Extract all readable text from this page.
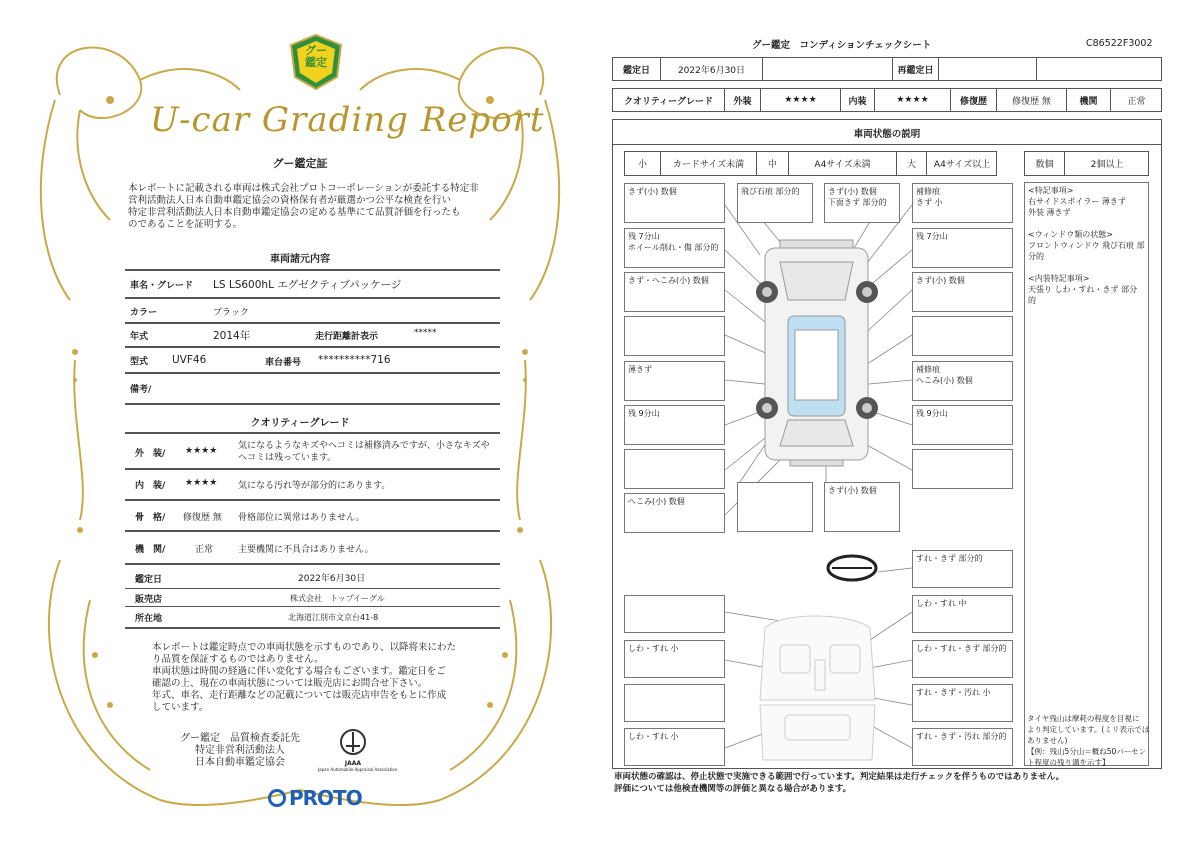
グー
鑑定
U-car Grading Report
グー鑑定証
本レポートに記載される車両は株式会社プロトコーポレーションが委託する特定非
営利活動法人日本自動車鑑定協会の資格保有者が厳選かつ公平な検査を行い
特定非営利活動法人日本自動車鑑定協会の定める基準にて品質評価を行ったも
のであることを証明する。
車両諸元内容
車名・グレード LS LS600hL エグゼクティブパッケージ
カラー	ブラック
年式	2014年	走行距離計表示	*****
型式 UVF46	車台番号 **********716
備考/
クオリティーグレード
外　装/ ★★★★ 気になるようなキズやヘコミは補修済みですが、小さなキズや
ヘコミは残っています。
内　装/ ★★★★ 気になる汚れ等が部分的にあります。
骨　格/ 修復歴 無 骨格部位に異常はありません。
機　関/	正常	主要機関に不具合はありません。
鑑定日	2022年6月30日
販売店	株式会社　トップイーグル
所在地	北海道江別市文京台41-8
本レポートは鑑定時点での車両状態を示すものであり、以降将来にわた
り品質を保証するものではありません。
車両状態は時間の経過に伴い変化する場合もございます。鑑定日をご
確認の上、現在の車両状態については販売店にお問合せ下さい。
年式、車名、走行距離などの記載については販売店申告をもとに作成
しています。
グー鑑定　品質検査委託先
特定非営利活動法人
日本自動車鑑定協会	JAAA
Japan Automobile Appraisal Association
PROTO
グー鑑定　コンディションチェックシート	C86522F3002
鑑定日	2022年6月30日	再鑑定日
クオリティーグレード	外装	★★★★	内装	★★★★	修復歴	修復歴 無	機関	正常
車両状態の説明
小	カードサイズ未満	中	A4サイズ未満	大	A4サイズ以上	数個	2個以上
きず(小) 数個	飛び石痕 部分的	きず(小) 数個
下面きず 部分的
補修痕
きず 小
残 7分山
ホイール削れ・傷 部分的
残 7分山
きず・へこみ(小) 数個	きず(小) 数個
薄きず	補修痕
へこみ(小) 数個
残 9分山	残 9分山
へこみ(小) 数個
きず(小) 数個
すれ・きず 部分的
しわ・すれ 中
しわ・すれ 小	しわ・すれ・きず 部分的
すれ・きず・汚れ 小
しわ・すれ 小	すれ・きず・汚れ 部分的
<特記事項>
右サイドスポイラー 薄きず
外装 薄きず

<ウィンドウ類の状態>
フロントウィンドウ 飛び石痕 部分的

<内装特記事項>
天張り しわ・すれ・きず 部分的
タイヤ残山は摩耗の程度を目視に
より判定しています。(ミリ表示では
ありません)
【例：残山5分山＝概ね50パーセン
ト程度の残り溝を示す】
車両状態の確認は、停止状態で実施できる範囲で行っています。判定結果は走行チェックを伴うものではありません。
評価については他検査機関等の評価と異なる場合があります。
